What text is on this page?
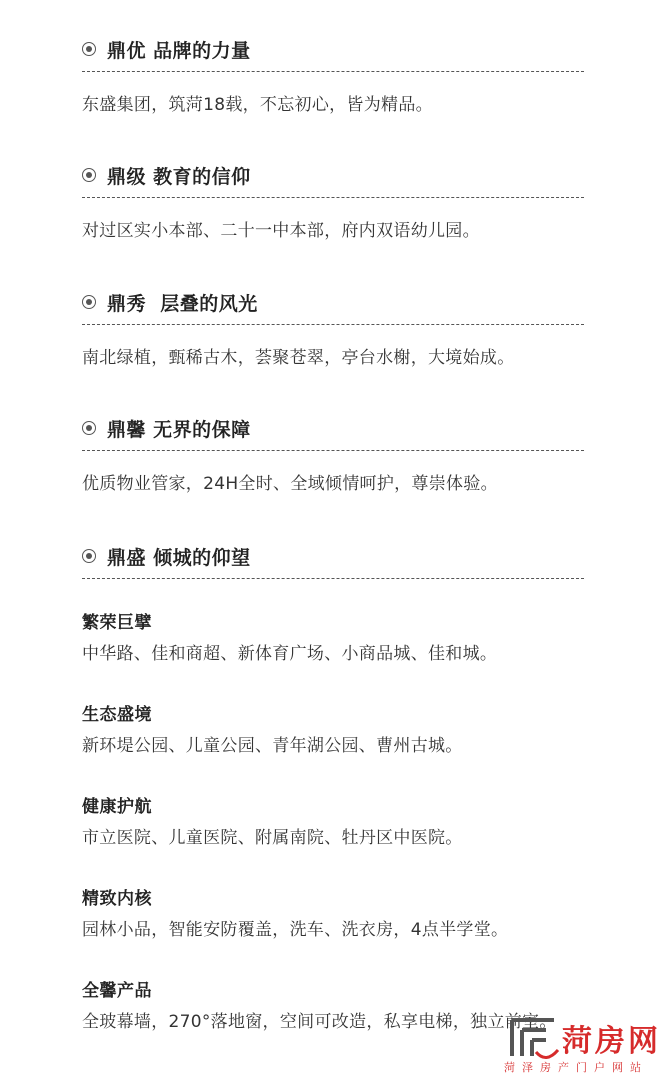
鼎优 品牌的力量
东盛集团，筑菏18载，不忘初心，皆为精品。
鼎级 教育的信仰
对过区实小本部、二十一中本部，府内双语幼儿园。
鼎秀  层叠的风光
南北绿植，甄稀古木，荟聚苍翠，亭台水榭，大境始成。
鼎馨 无界的保障
优质物业管家，24H全时、全域倾情呵护，尊崇体验。
鼎盛 倾城的仰望
繁荣巨擘
中华路、佳和商超、新体育广场、小商品城、佳和城。
生态盛境
新环堤公园、儿童公园、青年湖公园、曹州古城。
健康护航
市立医院、儿童医院、附属南院、牡丹区中医院。
精致内核
园林小品，智能安防覆盖，洗车、洗衣房，4点半学堂。
全馨产品
全玻幕墙，270°落地窗，空间可改造，私享电梯，独立前室。
菏房网
菏泽房产门户网站
